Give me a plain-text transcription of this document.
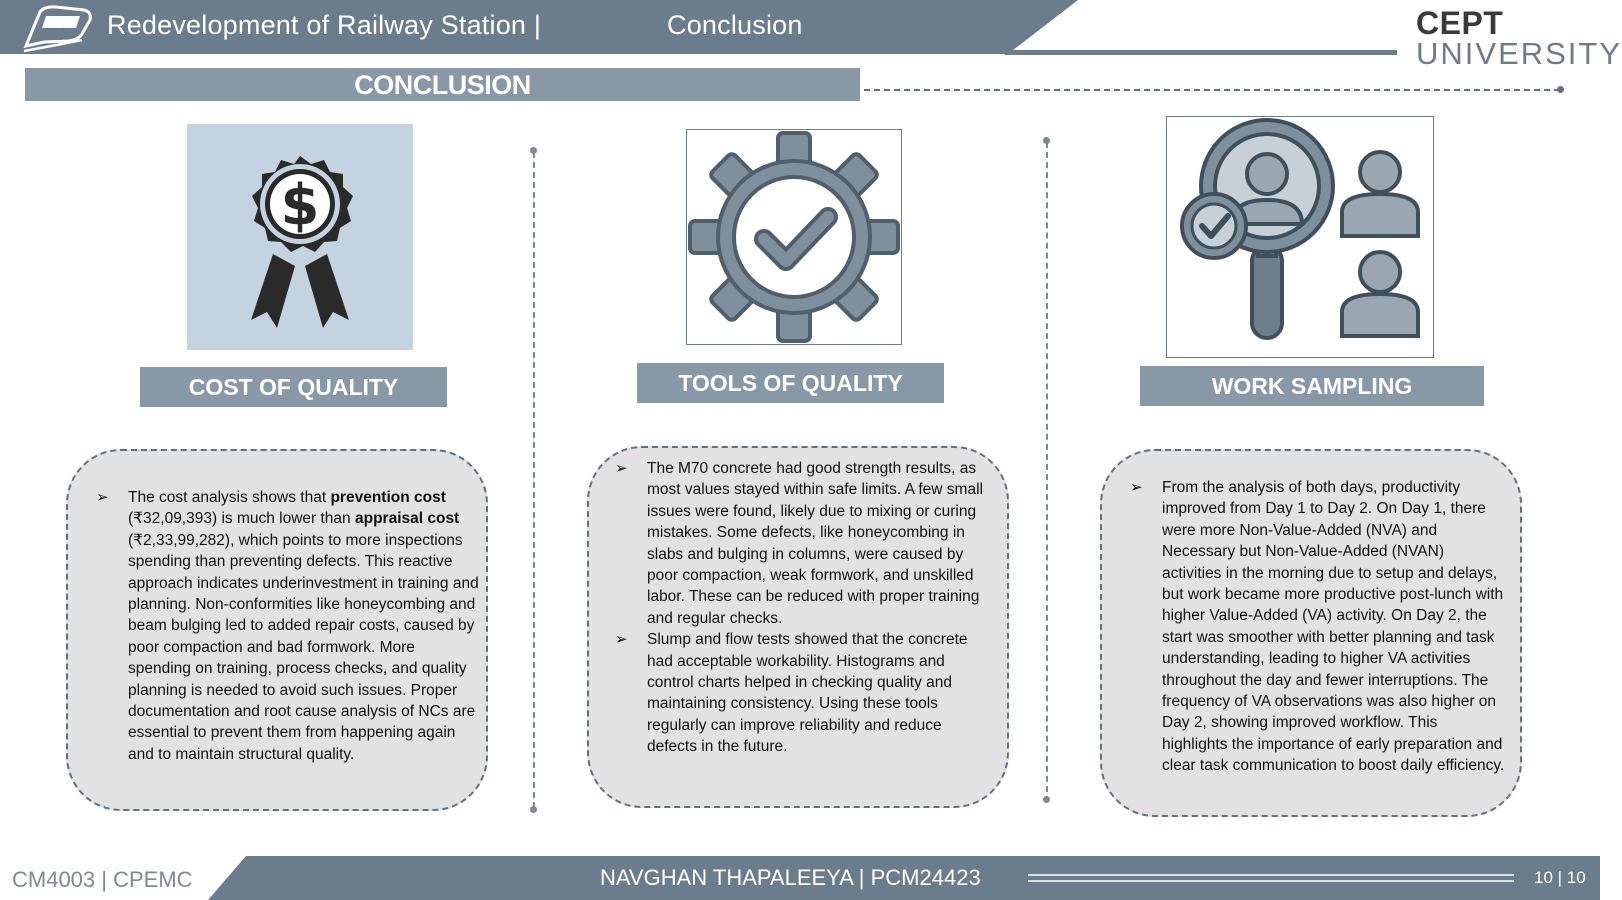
Redevelopment of Railway Station |	Conclusion	CEPT
UNIVERSITY
CONCLUSION
$
COST OF QUALITY	TOOLS OF QUALITY	WORK SAMPLING
➢ The cost analysis shows that prevention cost (₹32,09,393) is much lower than appraisal cost (₹2,33,99,282), which points to more inspections spending than preventing defects. This reactive approach indicates underinvestment in training and planning. Non-conformities like honeycombing and beam bulging led to added repair costs, caused by poor compaction and bad formwork. More spending on training, process checks, and quality planning is needed to avoid such issues. Proper documentation and root cause analysis of NCs are essential to prevent them from happening again and to maintain structural quality.
➢ The M70 concrete had good strength results, as most values stayed within safe limits. A few small issues were found, likely due to mixing or curing mistakes. Some defects, like honeycombing in slabs and bulging in columns, were caused by poor compaction, weak formwork, and unskilled labor. These can be reduced with proper training and regular checks.
➢ Slump and flow tests showed that the concrete had acceptable workability. Histograms and control charts helped in checking quality and maintaining consistency. Using these tools regularly can improve reliability and reduce defects in the future.
➢ From the analysis of both days, productivity improved from Day 1 to Day 2. On Day 1, there were more Non-Value-Added (NVA) and Necessary but Non-Value-Added (NVAN) activities in the morning due to setup and delays, but work became more productive post-lunch with higher Value-Added (VA) activity. On Day 2, the start was smoother with better planning and task understanding, leading to higher VA activities throughout the day and fewer interruptions. The frequency of VA observations was also higher on Day 2, showing improved workflow. This highlights the importance of early preparation and clear task communication to boost daily efficiency.
CM4003 | CPEMC	NAVGHAN THAPALEEYA | PCM24423	10 | 10
